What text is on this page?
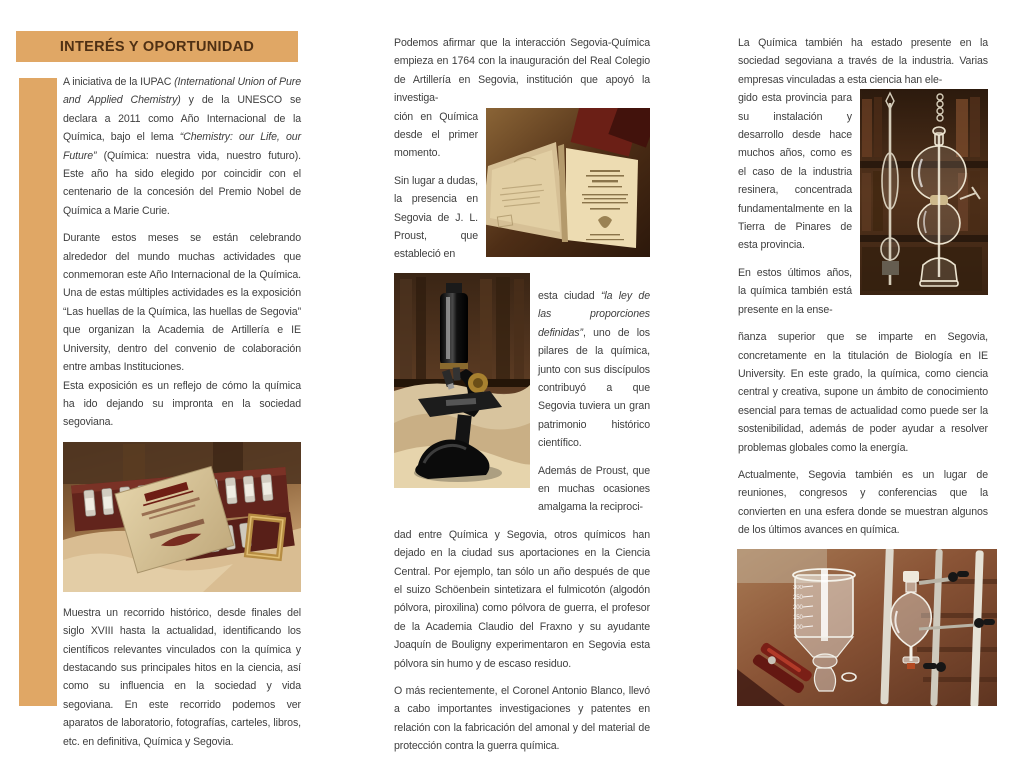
INTERÉS Y OPORTUNIDAD

A iniciativa de la IUPAC (International Union of Pure and Applied Chemistry) y de la UNESCO se declara a 2011 como Año Internacional de la Química, bajo el lema “Chemistry: our Life, our Future” (Química: nuestra vida, nuestro futuro). Este año ha sido elegido por coincidir con el centenario de la concesión del Premio Nobel de Química a Marie Curie.

Durante estos meses se están celebrando alrededor del mundo muchas actividades que conmemoran este Año Internacional de la Química. Una de estas múltiples actividades es la exposición “Las huellas de la Química, las huellas de Segovia” que organizan la Academia de Artillería e IE University, dentro del convenio de colaboración entre ambas Instituciones.

Esta exposición es un reflejo de cómo la química ha ido dejando su impronta en la sociedad segoviana.

Muestra un recorrido histórico, desde finales del siglo XVIII hasta la actualidad, identificando los científicos relevantes vinculados con la química y destacando sus principales hitos en la ciencia, así como su influencia en la sociedad y vida segoviana. En este recorrido podemos ver aparatos de laboratorio, fotografías, carteles, libros, etc. en definitiva, Química y Segovia.

Podemos afirmar que la interacción Segovia-Química empieza en 1764 con la inauguración del Real Colegio de Artillería en Segovia, institución que apoyó la investiga-

ción en Química desde el primer momento.

Sin lugar a dudas, la presencia en Segovia de J. L. Proust, que estableció en

esta ciudad “la ley de las proporciones definidas”, uno de los pilares de la química, junto con sus discípulos contribuyó a que Segovia tuviera un gran patrimonio histórico científico.

Además de Proust, que en muchas ocasiones amalgama la reciproci-

dad entre Química y Segovia, otros químicos han dejado en la ciudad sus aportaciones en la Ciencia Central. Por ejemplo, tan sólo un año después de que el suizo Schöenbein sintetizara el fulmicotón (algodón pólvora, piroxilina) como pólvora de guerra, el profesor de la Academia Claudio del Fraxno y su ayudante Joaquín de Bouligny experimentaron en Segovia esta pólvora sin humo y de escaso residuo.

O más recientemente, el Coronel Antonio Blanco, llevó a cabo importantes investigaciones y patentes en relación con la fabricación del amonal y del material de protección contra la guerra química.

La Química también ha estado presente en la sociedad segoviana a través de la industria. Varias empresas vinculadas a esta ciencia han ele-

gido esta provincia para su instalación y desarrollo desde hace muchos años, como es el caso de la industria resinera, concentrada fundamentalmente en la Tierra de Pinares de esta provincia.

En estos últimos años, la química también está presente en la ense-

ñanza superior que se imparte en Segovia, concretamente en la titulación de Biología en IE University. En este grado, la química, como ciencia central y creativa, supone un ámbito de conocimiento esencial para temas de actualidad como puede ser la sostenibilidad, además de poder ayudar a resolver problemas globales como la energía.

Actualmente, Segovia también es un lugar de reuniones, congresos y conferencias que la convierten en una esfera donde se muestran algunos de los últimos avances en química.

300
250
200
150
100
